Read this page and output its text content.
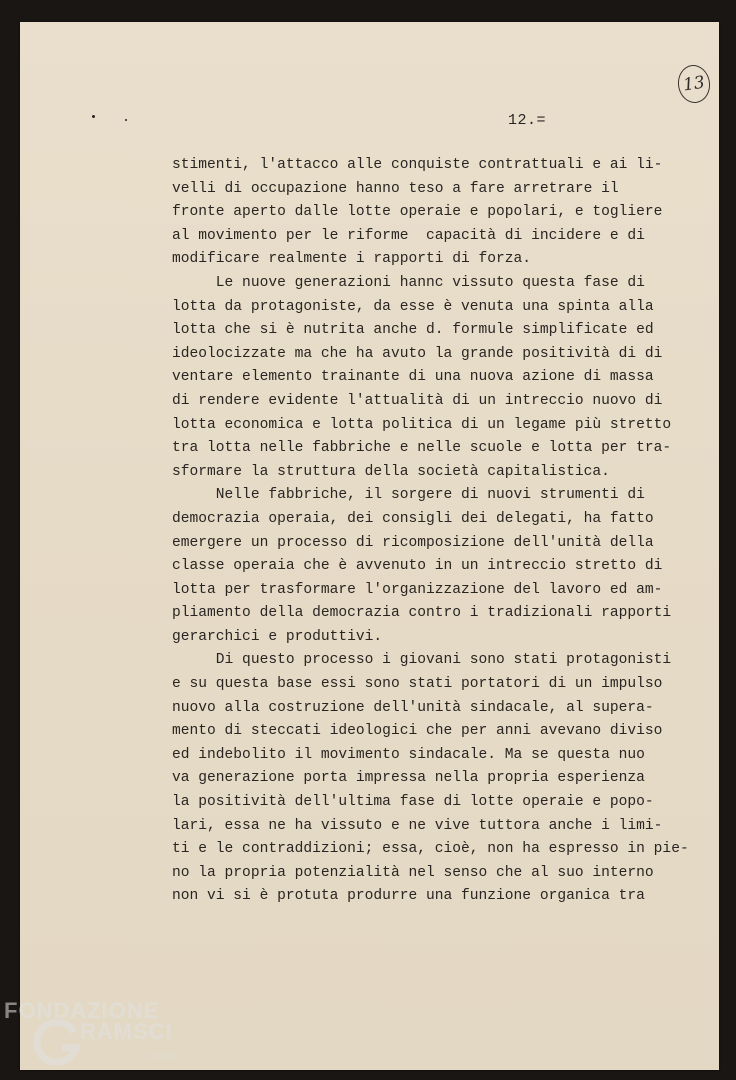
13
12.=
stimenti, l'attacco alle conquiste contrattuali e ai li-
velli di occupazione hanno teso a fare arretrare il
fronte aperto dalle lotte operaie e popolari, e togliere
al movimento per le riforme  capacità di incidere e di
modificare realmente i rapporti di forza.
Le nuove generazioni hannc vissuto questa fase di
lotta da protagoniste, da esse è venuta una spinta alla
lotta che si è nutrita anche d. formule simplificate ed
ideolocizzate ma che ha avuto la grande positività di di
ventare elemento trainante di una nuova azione di massa
di rendere evidente l'attualità di un intreccio nuovo di
lotta economica e lotta politica di un legame più stretto
tra lotta nelle fabbriche e nelle scuole e lotta per tra-
sformare la struttura della società capitalistica.
Nelle fabbriche, il sorgere di nuovi strumenti di
democrazia operaia, dei consigli dei delegati, ha fatto
emergere un processo di ricomposizione dell'unità della
classe operaia che è avvenuto in un intreccio stretto di
lotta per trasformare l'organizzazione del lavoro ed am-
pliamento della democrazia contro i tradizionali rapporti
gerarchici e produttivi.
Di questo processo i giovani sono stati protagonisti
e su questa base essi sono stati portatori di un impulso
nuovo alla costruzione dell'unità sindacale, al supera-
mento di steccati ideologici che per anni avevano diviso
ed indebolito il movimento sindacale. Ma se questa nuo
va generazione porta impressa nella propria esperienza
la positività dell'ultima fase di lotte operaie e popo-
lari, essa ne ha vissuto e ne vive tuttora anche i limi-
ti e le contraddizioni; essa, cioè, non ha espresso in pie-
no la propria potenzialità nel senso che al suo interno
non vi si è protuta produrre una funzione organica tra
FONDAZIONE
RAMSCI
onlus
